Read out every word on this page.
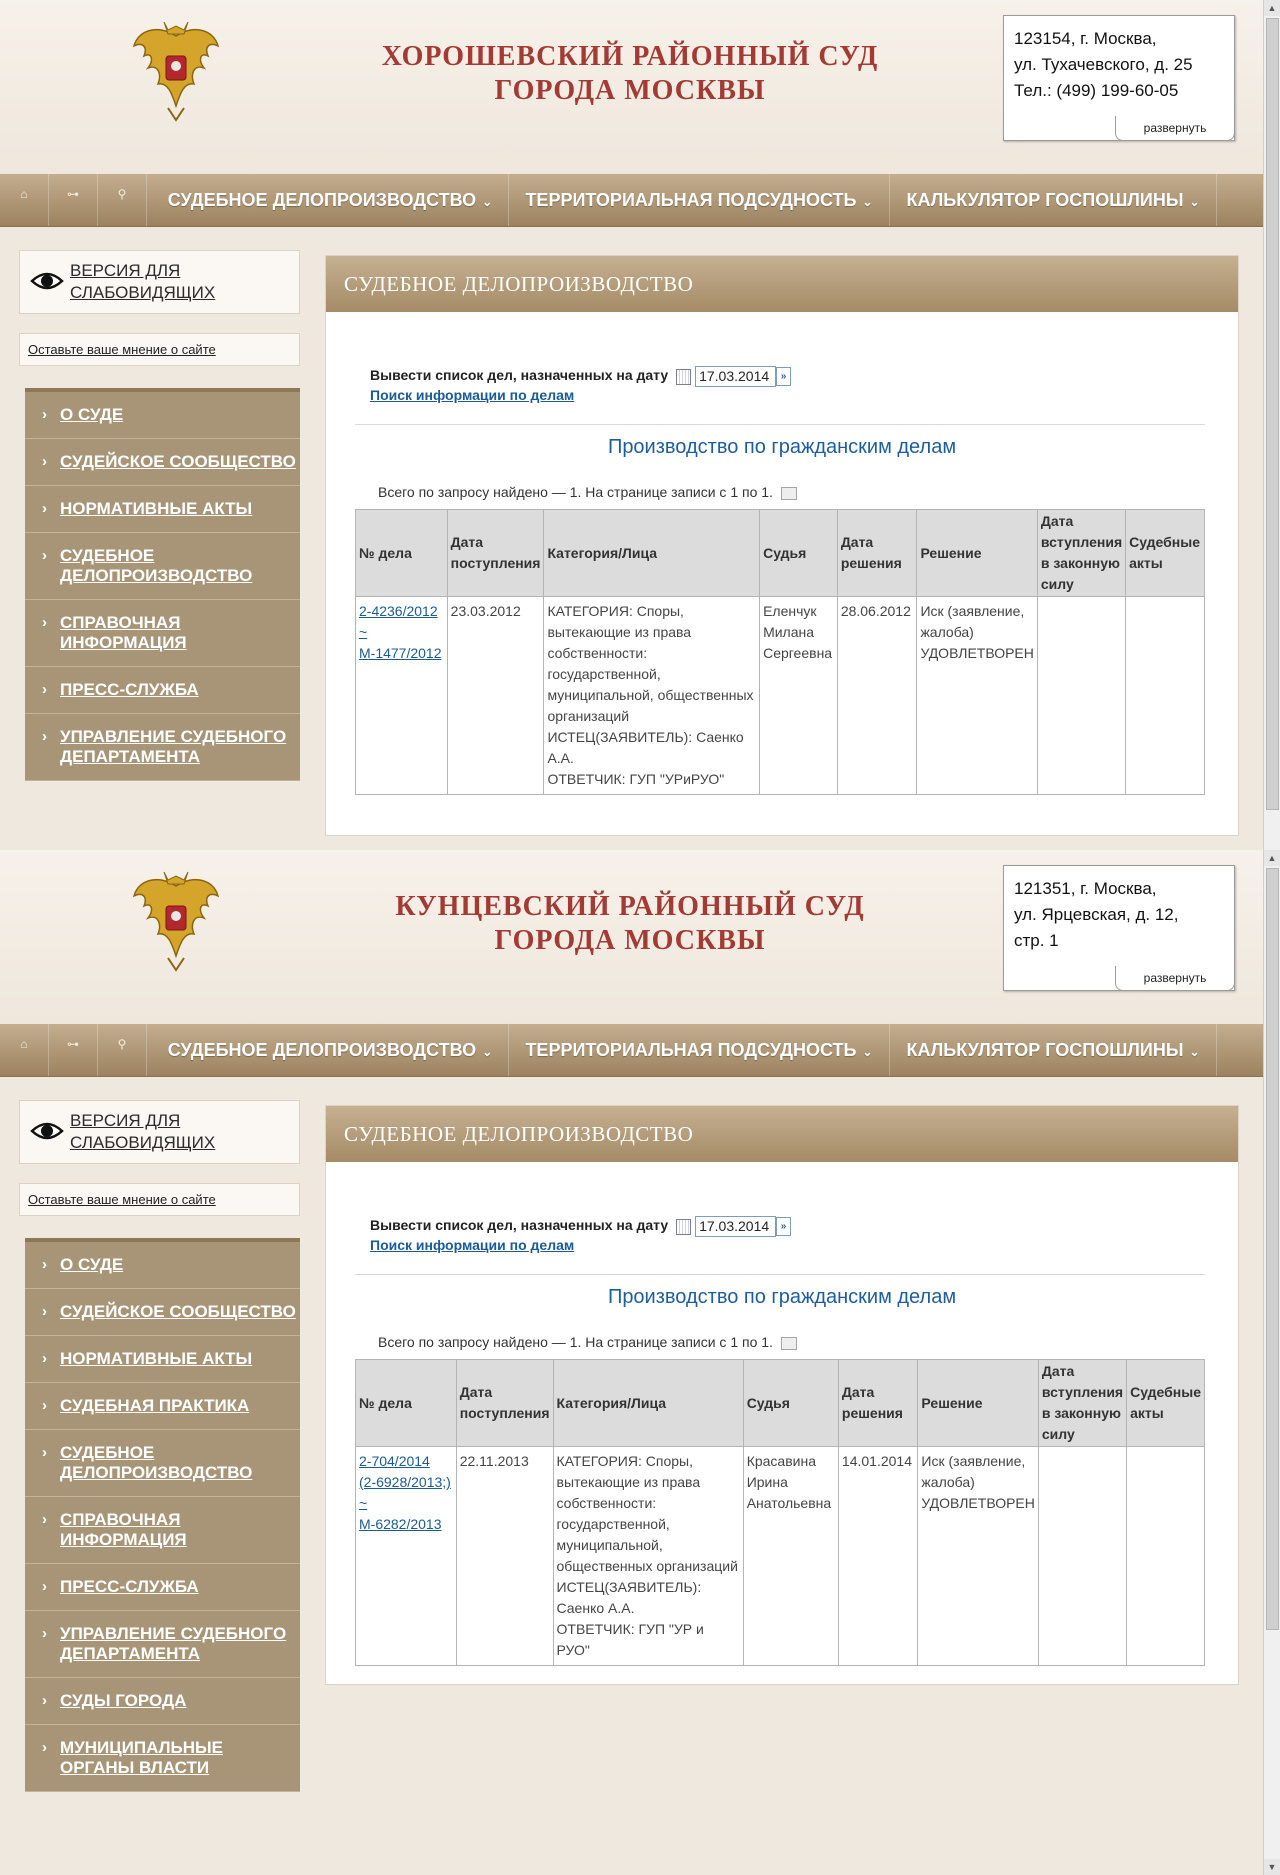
ХОРОШЕВСКИЙ РАЙОННЫЙ СУД
ГОРОДА МОСКВЫ
123154, г. Москва,
ул. Тухачевского, д. 25
Тел.: (499) 199-60-05
развернуть
⌂	⊶	⚲	СУДЕБНОЕ ДЕЛОПРОИЗВОДСТВО ⌄	ТЕРРИТОРИАЛЬНАЯ ПОДСУДНОСТЬ ⌄	КАЛЬКУЛЯТОР ГОСПОШЛИНЫ ⌄
ВЕРСИЯ ДЛЯ
СЛАБОВИДЯЩИХ
Оставьте ваше мнение о сайте
› О СУДЕ
› СУДЕЙСКОЕ СООБЩЕСТВО
› НОРМАТИВНЫЕ АКТЫ
› СУДЕБНОЕ ДЕЛОПРОИЗВОДСТВО
› СПРАВОЧНАЯ ИНФОРМАЦИЯ
› ПРЕСС-СЛУЖБА
› УПРАВЛЕНИЕ СУДЕБНОГО ДЕПАРТАМЕНТА
СУДЕБНОЕ ДЕЛОПРОИЗВОДСТВО
Вывести список дел, назначенных на дату 17.03.2014 »
Поиск информации по делам
Производство по гражданским делам
Всего по запросу найдено — 1. На странице записи с 1 по 1.
№ дела	Дата поступления	Категория/Лица	Судья	Дата решения	Решение	Дата вступления в законную силу	Судебные акты

2-4236/2012
~
М-1477/2012	23.03.2012	КАТЕГОРИЯ: Споры, вытекающие из права собственности: государственной, муниципальной, общественных организаций
ИСТЕЦ(ЗАЯВИТЕЛЬ): Саенко А.А.
ОТВЕТЧИК: ГУП "УРиРУО"	Еленчук Милана Сергеевна	28.06.2012	Иск (заявление, жалоба) УДОВЛЕТВОРЕН		
▲
КУНЦЕВСКИЙ РАЙОННЫЙ СУД
ГОРОДА МОСКВЫ
121351, г. Москва,
ул. Ярцевская, д. 12,
стр. 1
развернуть
⌂	⊶	⚲	СУДЕБНОЕ ДЕЛОПРОИЗВОДСТВО ⌄	ТЕРРИТОРИАЛЬНАЯ ПОДСУДНОСТЬ ⌄	КАЛЬКУЛЯТОР ГОСПОШЛИНЫ ⌄
ВЕРСИЯ ДЛЯ
СЛАБОВИДЯЩИХ
Оставьте ваше мнение о сайте
› О СУДЕ
› СУДЕЙСКОЕ СООБЩЕСТВО
› НОРМАТИВНЫЕ АКТЫ
› СУДЕБНАЯ ПРАКТИКА
› СУДЕБНОЕ ДЕЛОПРОИЗВОДСТВО
› СПРАВОЧНАЯ ИНФОРМАЦИЯ
› ПРЕСС-СЛУЖБА
› УПРАВЛЕНИЕ СУДЕБНОГО ДЕПАРТАМЕНТА
› СУДЫ ГОРОДА
› МУНИЦИПАЛЬНЫЕ ОРГАНЫ ВЛАСТИ
СУДЕБНОЕ ДЕЛОПРОИЗВОДСТВО
Вывести список дел, назначенных на дату 17.03.2014 »
Поиск информации по делам
Производство по гражданским делам
Всего по запросу найдено — 1. На странице записи с 1 по 1.
№ дела	Дата поступления	Категория/Лица	Судья	Дата решения	Решение	Дата вступления в законную силу	Судебные акты

2-704/2014
(2-6928/2013;)
~
М-6282/2013	22.11.2013	КАТЕГОРИЯ: Споры, вытекающие из права собственности: государственной, муниципальной, общественных организаций
ИСТЕЦ(ЗАЯВИТЕЛЬ): Саенко А.А.
ОТВЕТЧИК: ГУП "УР и РУО"	Красавина Ирина Анатольевна	14.01.2014	Иск (заявление, жалоба) УДОВЛЕТВОРЕН		
▲
▼
